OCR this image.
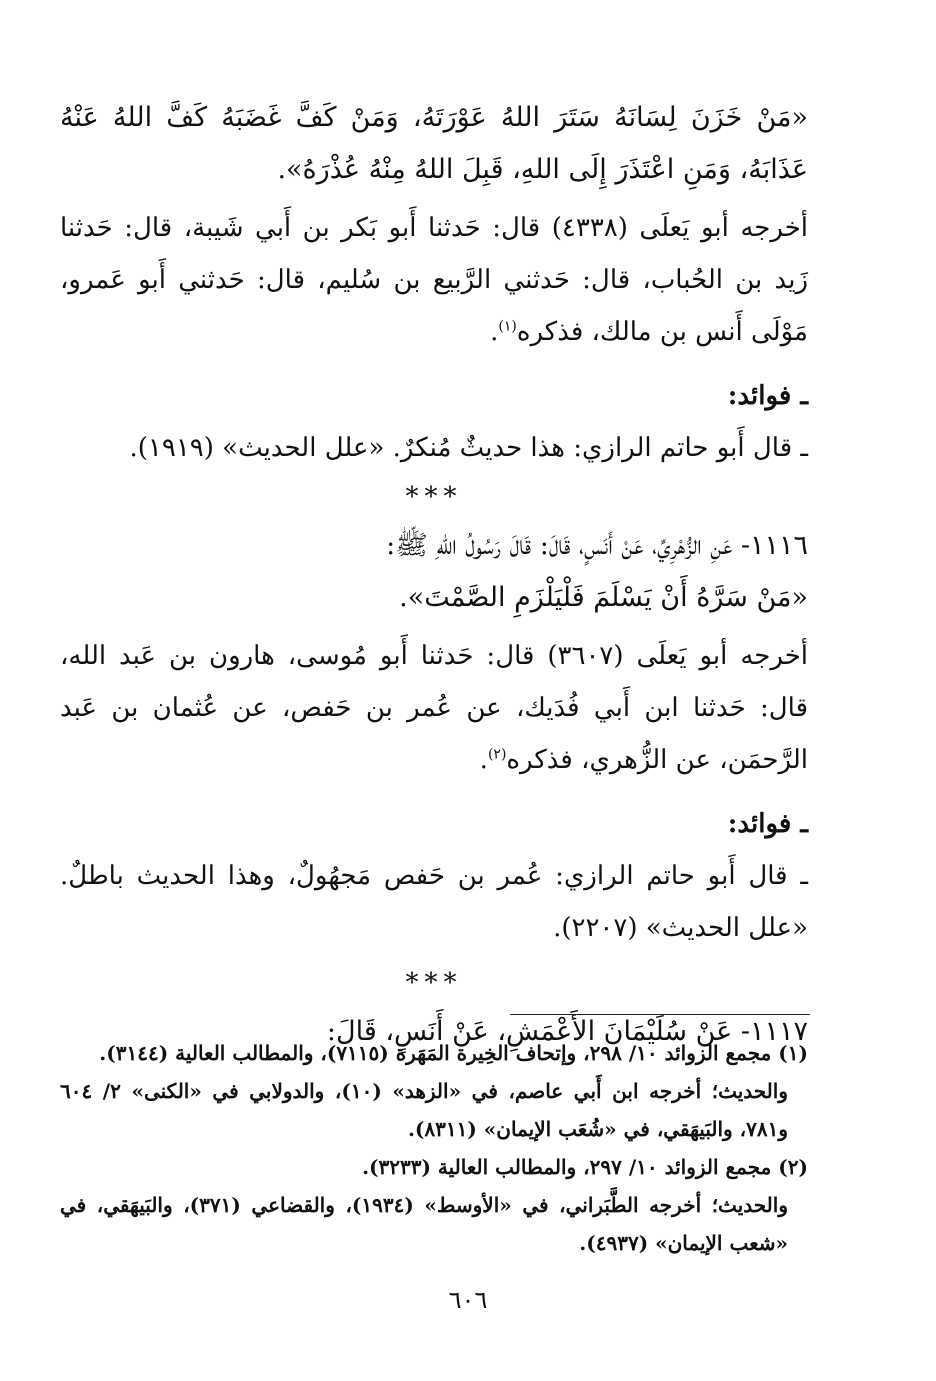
«مَنْ خَزَنَ لِسَانَهُ سَتَرَ اللهُ عَوْرَتَهُ، وَمَنْ كَفَّ غَضَبَهُ كَفَّ اللهُ عَنْهُ عَذَابَهُ، وَمَنِ اعْتَذَرَ إِلَى اللهِ، قَبِلَ اللهُ مِنْهُ عُذْرَهُ».

أخرجه أبو يَعلَى (٤٣٣٨) قال: حَدثنا أَبو بَكر بن أَبي شَيبة، قال: حَدثنا زَيد بن الحُباب، قال: حَدثني الرَّبيع بن سُليم، قال: حَدثني أَبو عَمرو، مَوْلَى أَنس بن مالك، فذكره$^{(١)}$.

ـ فوائد:

ـ قال أَبو حاتم الرازي: هذا حديثٌ مُنكرٌ. «علل الحديث» (١٩١٩).

***

١١١٦- عَنِ الزُّهْرِيِّ، عَنْ أَنَسٍ، قَالَ: قَالَ رَسُولُ اللهِ ﷺ:

«مَنْ سَرَّهُ أَنْ يَسْلَمَ فَلْيَلْزَمِ الصَّمْتَ».

أخرجه أبو يَعلَى (٣٦٠٧) قال: حَدثنا أَبو مُوسى، هارون بن عَبد الله، قال: حَدثنا ابن أَبي فُدَيك، عن عُمر بن حَفص، عن عُثمان بن عَبد الرَّحمَن، عن الزُّهري، فذكره$^{(٢)}$.

ـ فوائد:

ـ قال أَبو حاتم الرازي: عُمر بن حَفص مَجهُولٌ، وهذا الحديث باطلٌ. «علل الحديث» (٢٢٠٧).

***

١١١٧- عَنْ سُلَيْمَانَ الأَعْمَشِ، عَنْ أَنَسٍ، قَالَ:

(١) مجمع الزوائد ١٠/ ٢٩٨، وإتحاف الخِيرة المَهَرة (٧١١٥)، والمطالب العالية (٣١٤٤).

والحديث؛ أخرجه ابن أَبي عاصم، في «الزهد» (١٠)، والدولابي في «الكنى» ٢/ ٦٠٤ و٧٨١، والبَيهَقي، في «شُعَب الإيمان» (٨٣١١).

(٢) مجمع الزوائد ١٠/ ٢٩٧، والمطالب العالية (٣٢٣٣).

والحديث؛ أخرجه الطَّبَراني، في «الأوسط» (١٩٣٤)، والقضاعي (٣٧١)، والبَيهَقي، في «شعب الإيمان» (٤٩٣٧).

٦٠٦
